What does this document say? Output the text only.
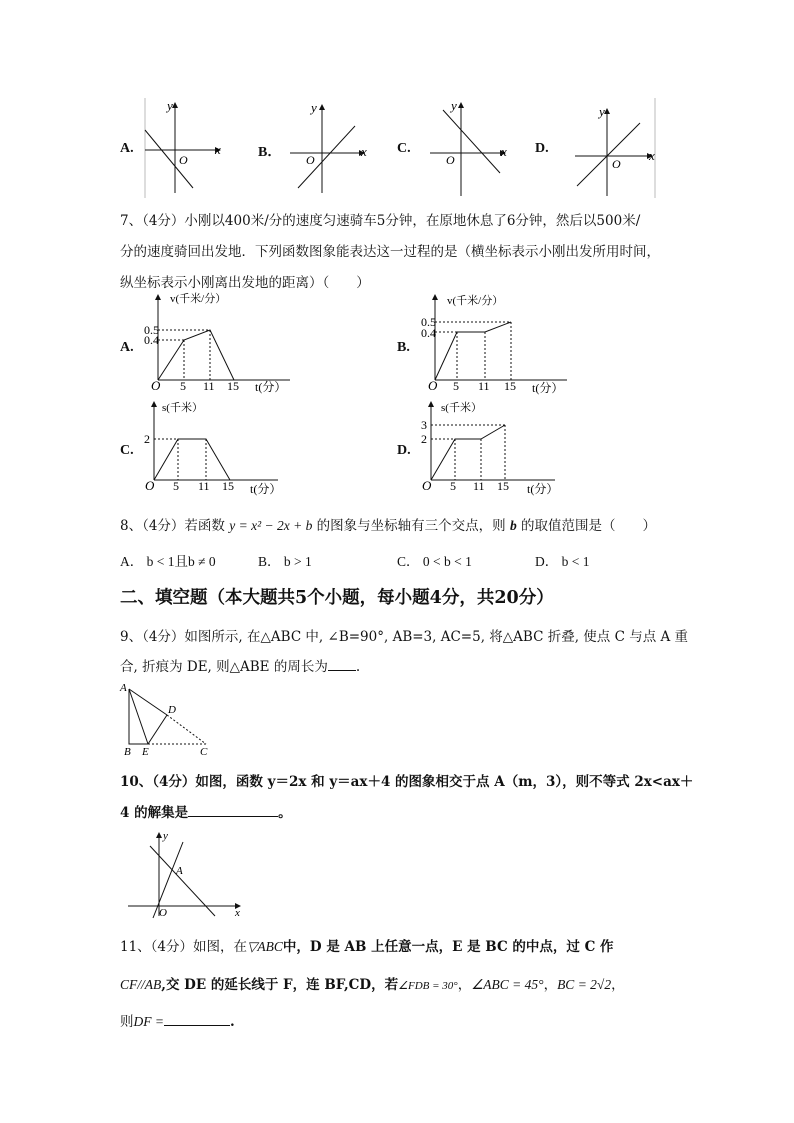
O
x
y
O
x
y
O
x
y
O
x
y
A.	B．	C.	D.
7、（4分）小刚以400米/分的速度匀速骑车5分钟，在原地休息了6分钟，然后以500米/
分的速度骑回出发地．下列函数图象能表达这一过程的是（横坐标表示小刚出发所用时间，
纵坐标表示小刚离出发地的距离）（　　）
A.	B.
C.	D.
v(千米/分）
0.5
0.4
O 5 11 15 t(分）
v(千米/分）
0.5
0.4
O 5 11 15 t(分）
s(千米）
2
O 5 11 15 t(分）
s(千米）
3
2
O 5 11 15 t(分）
8、（4分）若函数 y = x² − 2x + b 的图象与坐标轴有三个交点，则 b 的取值范围是（　　）
A． b < 1且b ≠ 0	B． b > 1	C． 0 < b < 1	D． b < 1
二、填空题（本大题共5个小题，每小题4分，共20分）
9、（4分）如图所示, 在△ABC 中, ∠B=90°, AB=3, AC=5, 将△ABC 折叠, 使点 C 与点 A 重
合, 折痕为 DE, 则△ABE 的周长为 .
A
B E
D
C
10、（4分）如图，函数 y＝2x 和 y＝ax＋4 的图象相交于点 A（m，3），则不等式 2x<ax＋
4 的解集是	。
y
x
O
A
11、（4分）如图，在▽ABC中，D 是 AB 上任意一点，E 是 BC 的中点，过 C 作
CF//AB,交 DE 的延长线于 F，连 BF,CD，若∠FDB = 30°，∠ABC = 45°，BC = 2√2，
则DF =	.
